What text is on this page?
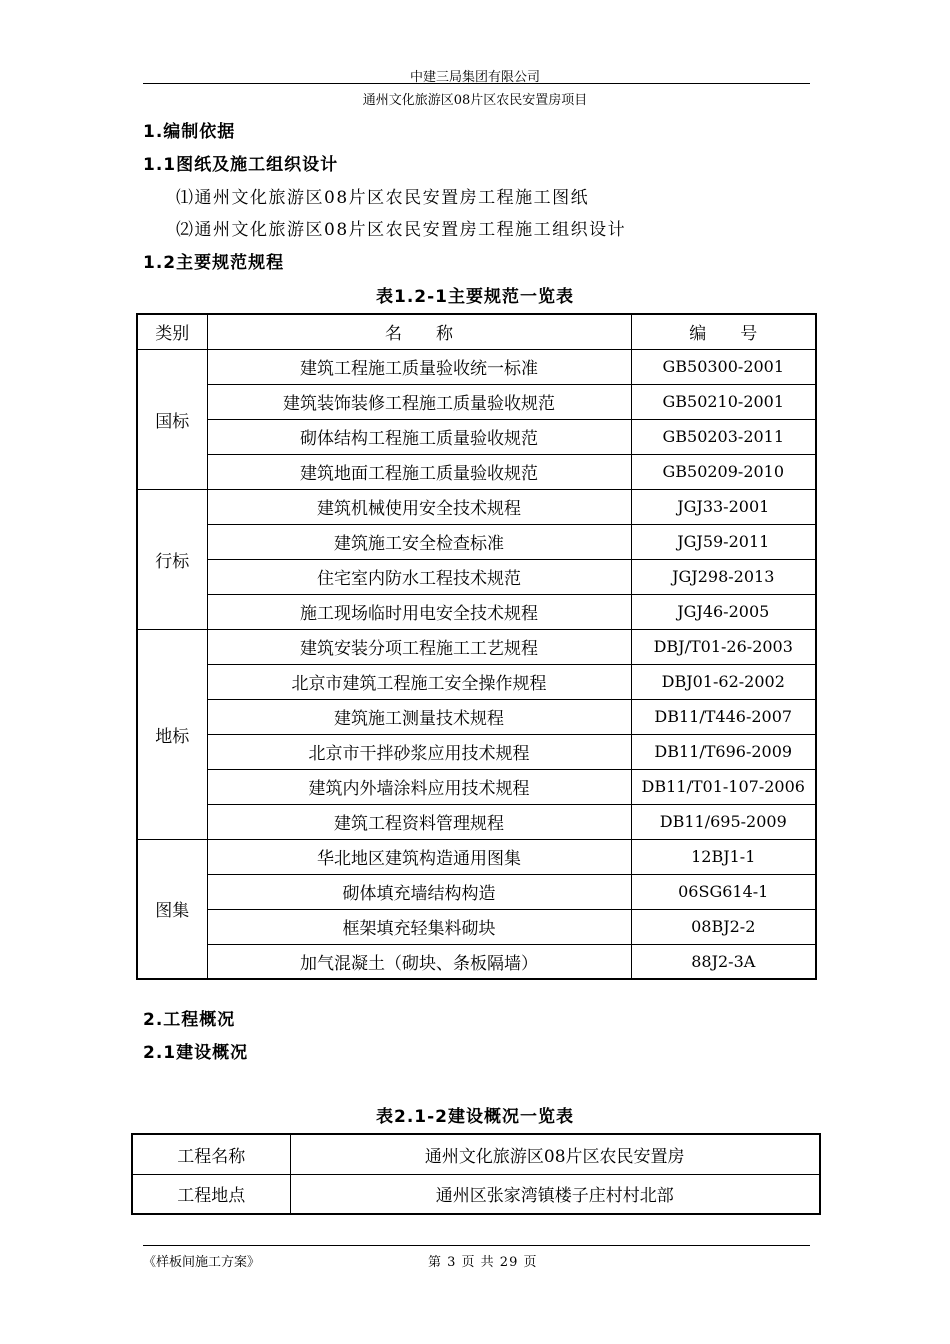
中建三局集团有限公司
通州文化旅游区08片区农民安置房项目
1.编制依据
1.1图纸及施工组织设计
⑴通州文化旅游区08片区农民安置房工程施工图纸
⑵通州文化旅游区08片区农民安置房工程施工组织设计
1.2主要规范规程
表1.2-1主要规范一览表
类别	名　　称	编　　号
国标	建筑工程施工质量验收统一标准	GB50300-2001
	建筑装饰装修工程施工质量验收规范	GB50210-2001
	砌体结构工程施工质量验收规范	GB50203-2011
	建筑地面工程施工质量验收规范	GB50209-2010
行标	建筑机械使用安全技术规程	JGJ33-2001
	建筑施工安全检查标准	JGJ59-2011
	住宅室内防水工程技术规范	JGJ298-2013
	施工现场临时用电安全技术规程	JGJ46-2005
地标	建筑安装分项工程施工工艺规程	DBJ/T01-26-2003
	北京市建筑工程施工安全操作规程	DBJ01-62-2002
	建筑施工测量技术规程	DB11/T446-2007
	北京市干拌砂浆应用技术规程	DB11/T696-2009
	建筑内外墙涂料应用技术规程	DB11/T01-107-2006
	建筑工程资料管理规程	DB11/695-2009
图集	华北地区建筑构造通用图集	12BJ1-1
	砌体填充墙结构构造	06SG614-1
	框架填充轻集料砌块	08BJ2-2
	加气混凝土（砌块、条板隔墙）	88J2-3A
2.工程概况
2.1建设概况
表2.1-2建设概况一览表
工程名称	通州文化旅游区08片区农民安置房
工程地点	通州区张家湾镇楼子庄村村北部
《样板间施工方案》	第 3 页 共 29 页
